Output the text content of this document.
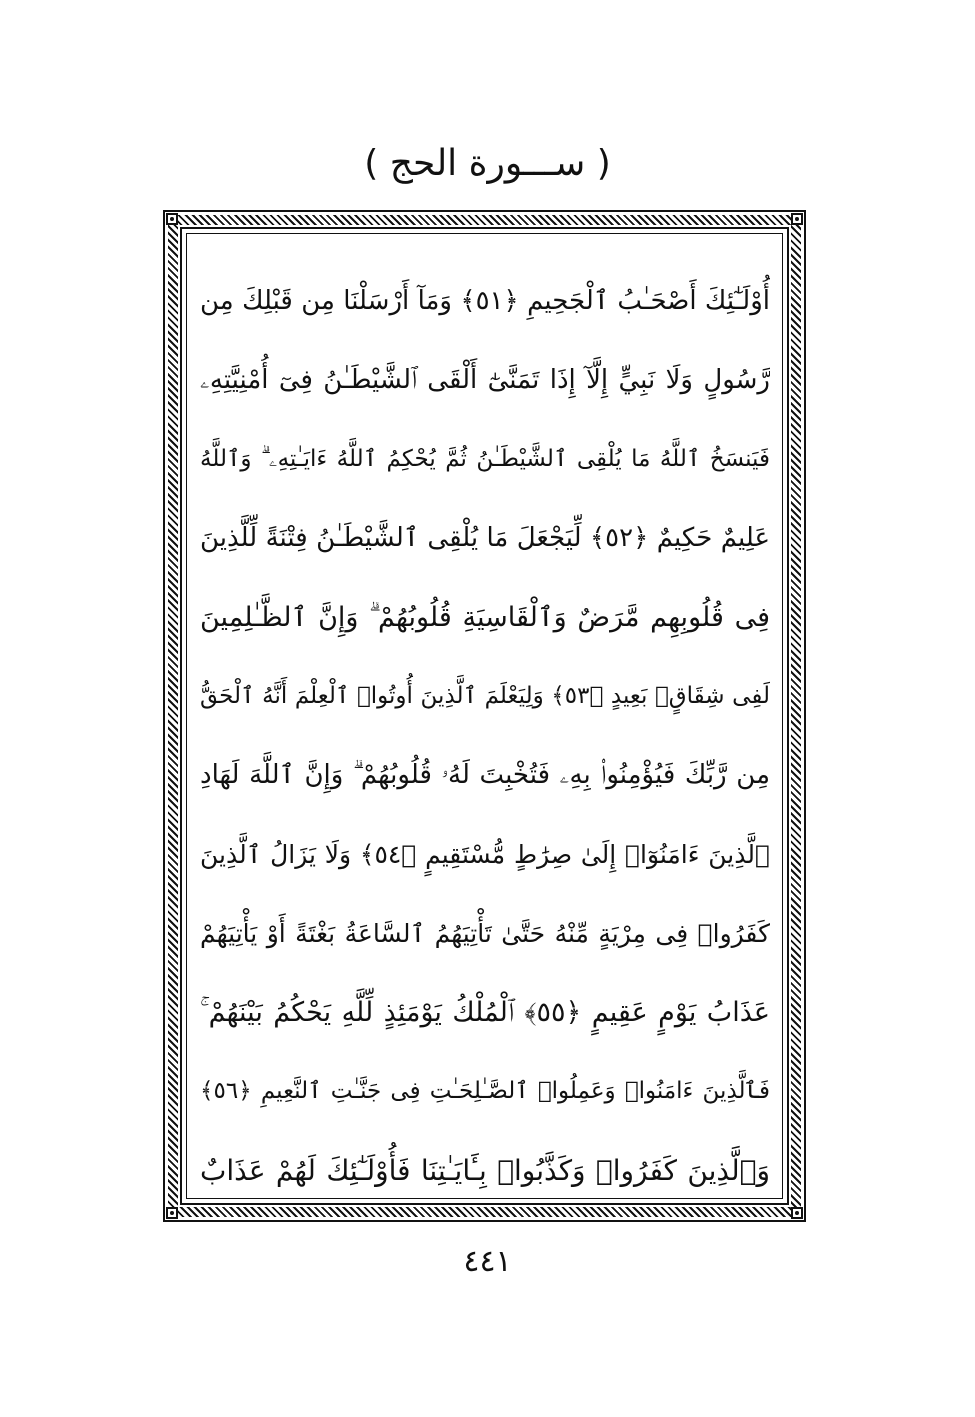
( ســـورة الحج )
أُوْلَـٰٓئِكَ أَصْحَـٰبُ ٱلْجَحِيمِ ﴿٥١﴾ وَمَآ أَرْسَلْنَا مِن قَبْلِكَ مِن
رَّسُولٍ وَلَا نَبِيٍّ إِلَّآ إِذَا تَمَنَّىٰٓ أَلْقَى ٱلشَّيْطَـٰنُ فِىٓ أُمْنِيَّتِهِۦ
فَيَنسَخُ ٱللَّهُ مَا يُلْقِى ٱلشَّيْطَـٰنُ ثُمَّ يُحْكِمُ ٱللَّهُ ءَايَـٰتِهِۦ ۗ وَٱللَّهُ
عَلِيمٌ حَكِيمٌ ﴿٥٢﴾ لِّيَجْعَلَ مَا يُلْقِى ٱلشَّيْطَـٰنُ فِتْنَةً لِّلَّذِينَ
فِى قُلُوبِهِم مَّرَضٌ وَٱلْقَاسِيَةِ قُلُوبُهُمْ ۗ وَإِنَّ ٱلظَّـٰلِمِينَ
لَفِى شِقَاقٍۭ بَعِيدٍ ﴿٥٣﴾ وَلِيَعْلَمَ ٱلَّذِينَ أُوتُوا۟ ٱلْعِلْمَ أَنَّهُ ٱلْحَقُّ
مِن رَّبِّكَ فَيُؤْمِنُوا۟ بِهِۦ فَتُخْبِتَ لَهُۥ قُلُوبُهُمْ ۗ وَإِنَّ ٱللَّهَ لَهَادِ
ٱلَّذِينَ ءَامَنُوٓا۟ إِلَىٰ صِرَٰطٍ مُّسْتَقِيمٍ ﴿٥٤﴾ وَلَا يَزَالُ ٱلَّذِينَ
كَفَرُوا۟ فِى مِرْيَةٍ مِّنْهُ حَتَّىٰ تَأْتِيَهُمُ ٱلسَّاعَةُ بَغْتَةً أَوْ يَأْتِيَهُمْ
عَذَابُ يَوْمٍ عَقِيمٍ ﴿٥٥﴾ ٱلْمُلْكُ يَوْمَئِذٍ لِّلَّهِ يَحْكُمُ بَيْنَهُمْ ۚ
فَٱلَّذِينَ ءَامَنُوا۟ وَعَمِلُوا۟ ٱلصَّـٰلِحَـٰتِ فِى جَنَّـٰتِ ٱلنَّعِيمِ ﴿٥٦﴾
وَٱلَّذِينَ كَفَرُوا۟ وَكَذَّبُوا۟ بِـَٔايَـٰتِنَا فَأُوْلَـٰٓئِكَ لَهُمْ عَذَابٌ
٤٤١
